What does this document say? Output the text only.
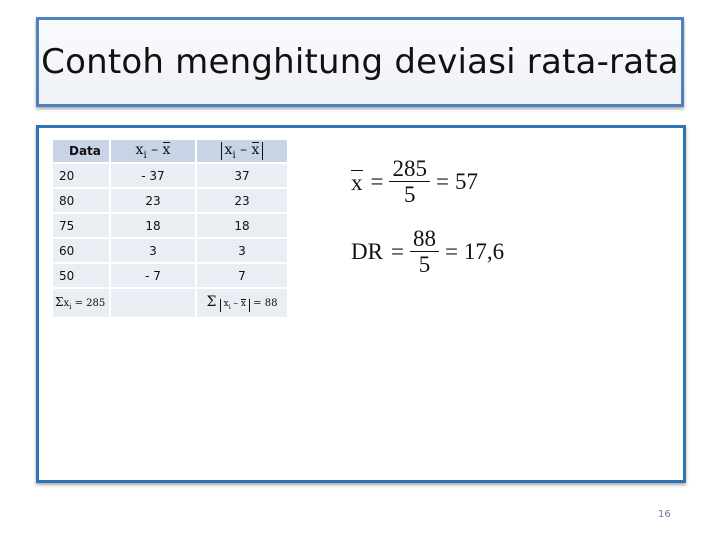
Contoh menghitung deviasi rata-rata
Data	$x_i$ – x	$x_i$ – x
20	- 37	37
80	23	23
75	18	18
60	3	3
50	- 7	7
$\Sigma x_i = 285$		Σ $x_i - x = 88$
$x = \frac{285}{5} = 57$
DR = $\frac{88}{5} = 17,6$
16
